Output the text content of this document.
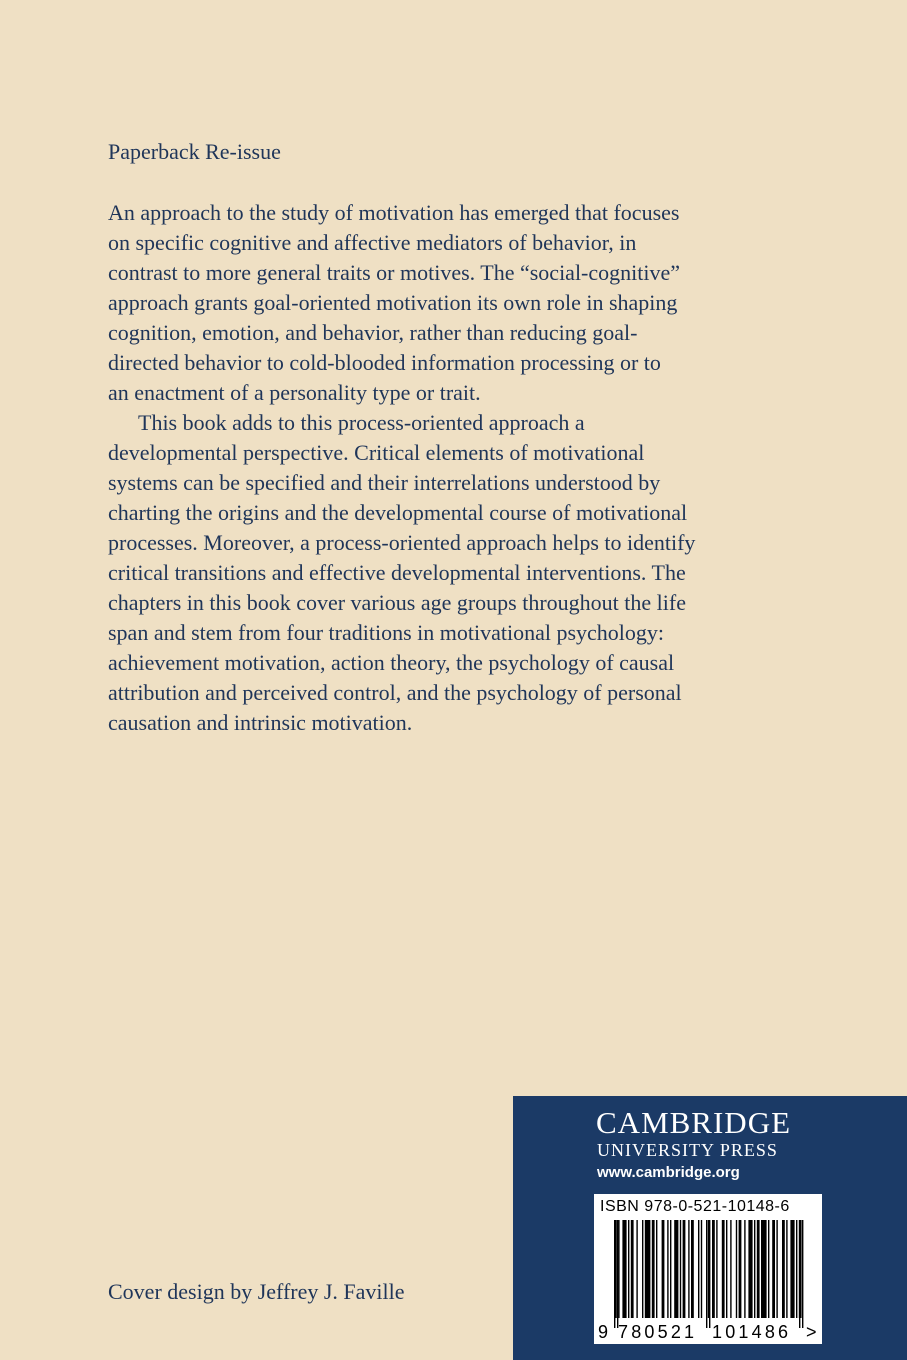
Paperback Re-issue

An approach to the study of motivation has emerged that focuses
on specific cognitive and affective mediators of behavior, in
contrast to more general traits or motives. The “social-cognitive”
approach grants goal-oriented motivation its own role in shaping
cognition, emotion, and behavior, rather than reducing goal-
directed behavior to cold-blooded information processing or to
an enactment of a personality type or trait.

This book adds to this process-oriented approach a
developmental perspective. Critical elements of motivational
systems can be specified and their interrelations understood by
charting the origins and the developmental course of motivational
processes. Moreover, a process-oriented approach helps to identify
critical transitions and effective developmental interventions. The
chapters in this book cover various age groups throughout the life
span and stem from four traditions in motivational psychology:
achievement motivation, action theory, the psychology of causal
attribution and perceived control, and the psychology of personal
causation and intrinsic motivation.

Cover design by Jeffrey J. Faville
CAMBRIDGE
UNIVERSITY PRESS
www.cambridge.org
ISBN 978-0-521-10148-6
9 780521 101486 >
